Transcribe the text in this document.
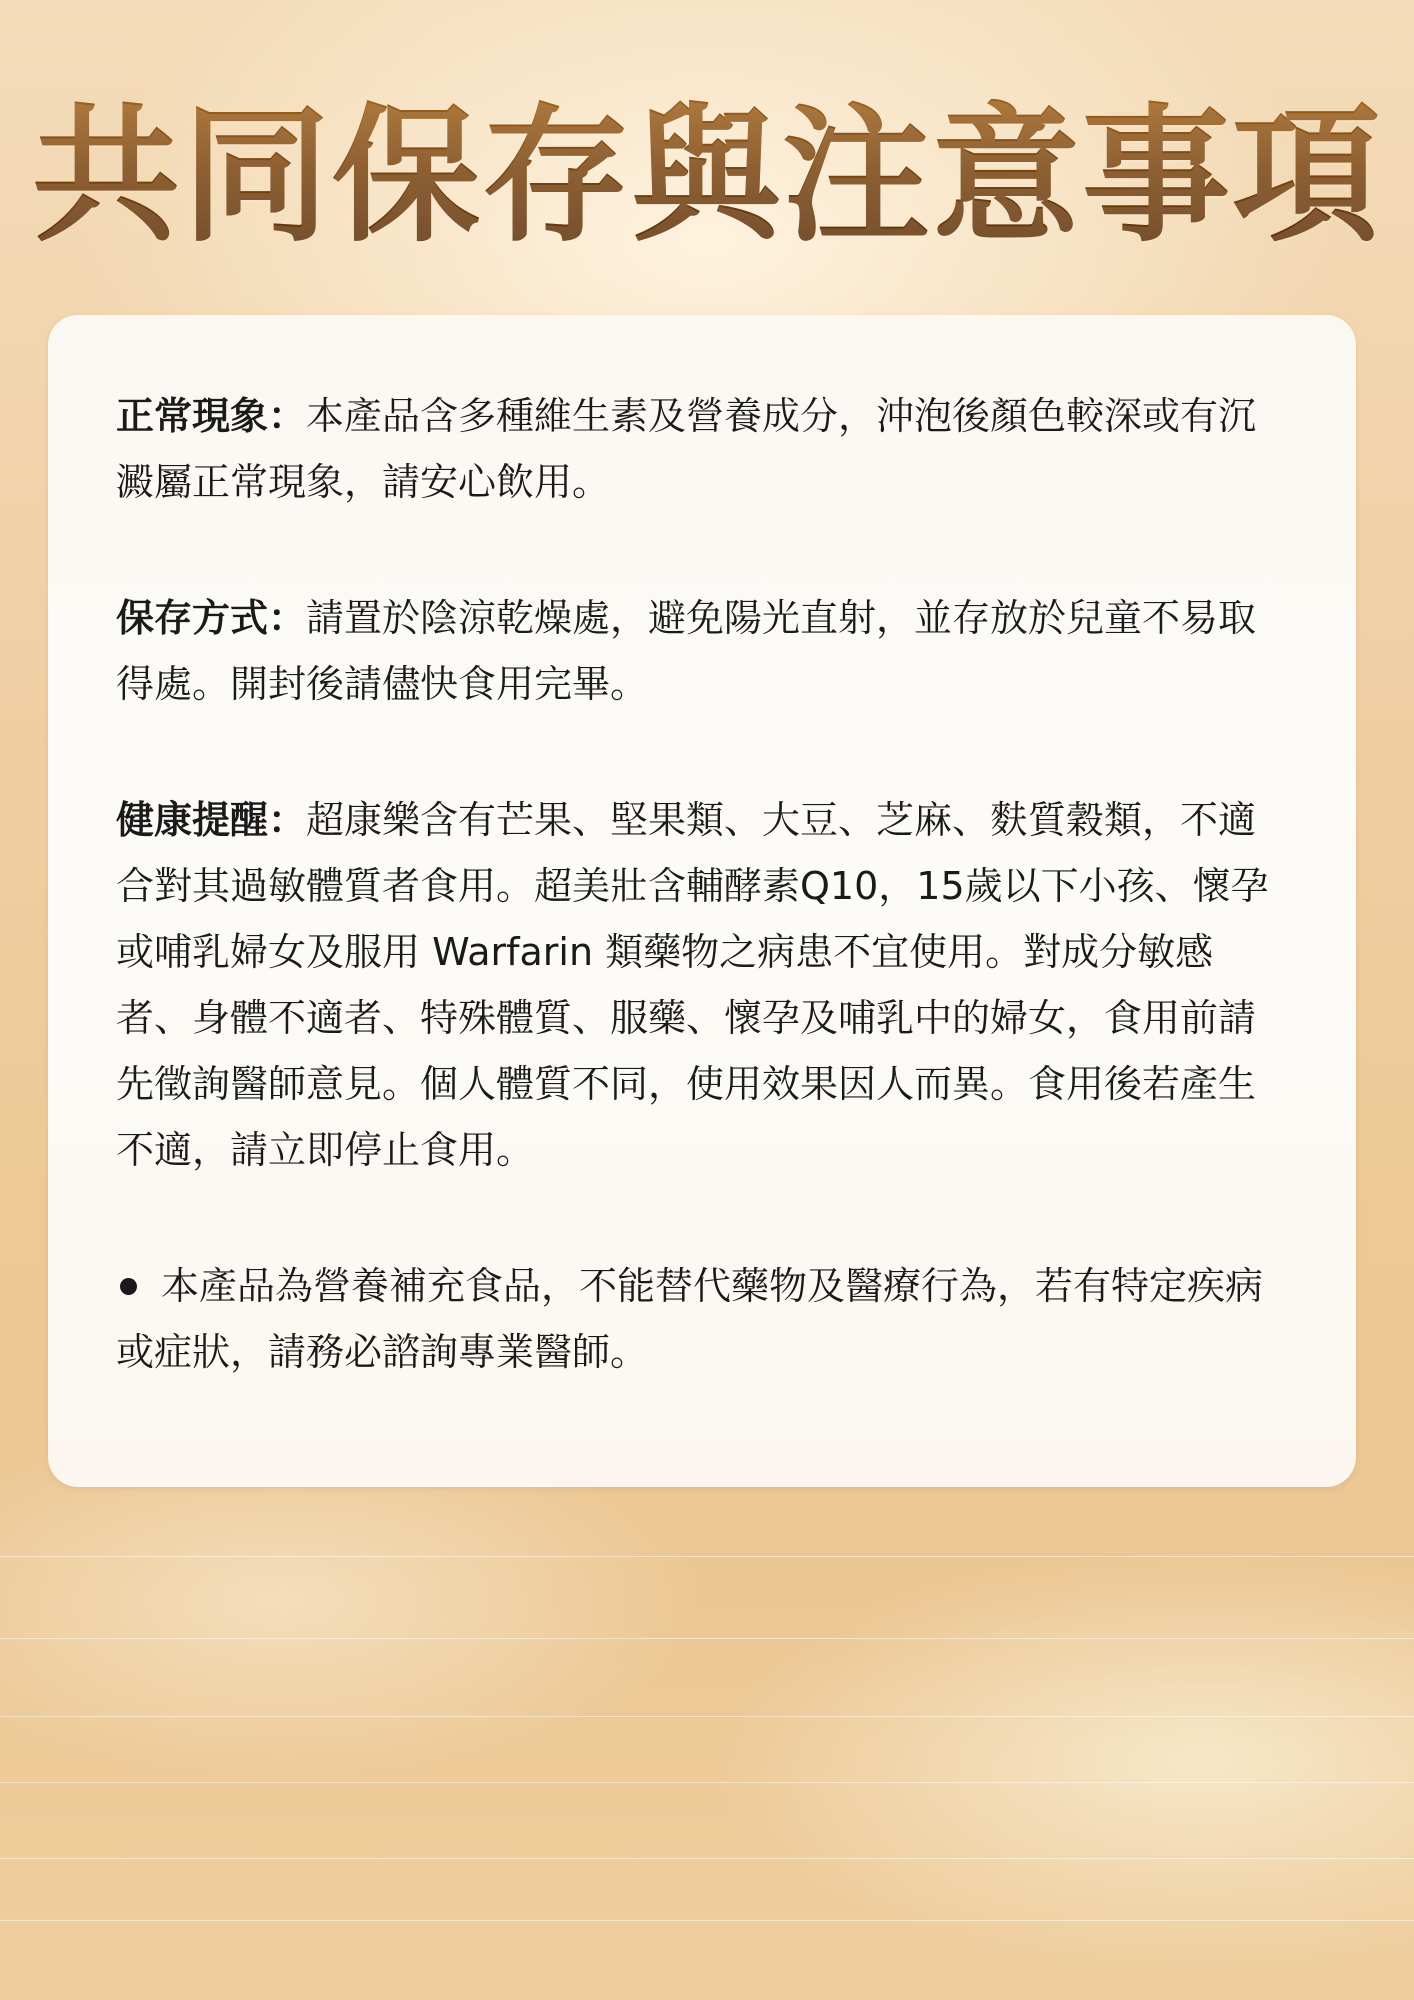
共同保存與注意事項

正常現象：本產品含多種維生素及營養成分，沖泡後顏色較深或有沉澱屬正常現象，請安心飲用。

保存方式：請置於陰涼乾燥處，避免陽光直射，並存放於兒童不易取得處。開封後請儘快食用完畢。

健康提醒：超康樂含有芒果、堅果類、大豆、芝麻、麩質穀類，不適合對其過敏體質者食用。超美壯含輔酵素Q10，15歲以下小孩、懷孕或哺乳婦女及服用 Warfarin 類藥物之病患不宜使用。對成分敏感者、身體不適者、特殊體質、服藥、懷孕及哺乳中的婦女，食用前請先徵詢醫師意見。個人體質不同，使用效果因人而異。食用後若產生不適，請立即停止食用。

本產品為營養補充食品，不能替代藥物及醫療行為，若有特定疾病或症狀，請務必諮詢專業醫師。
